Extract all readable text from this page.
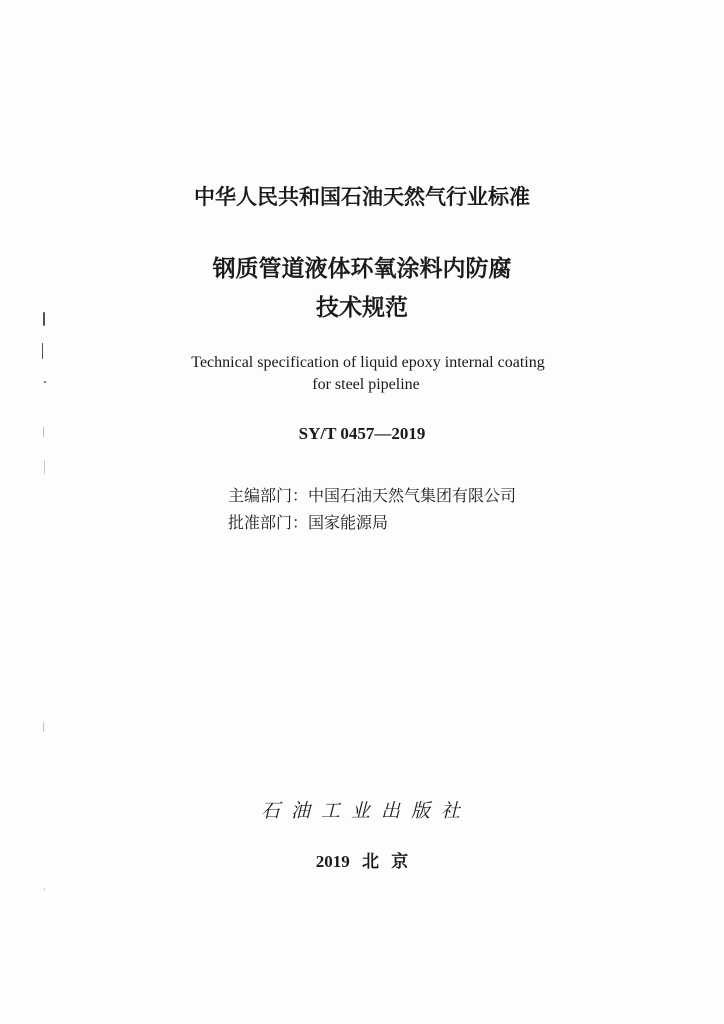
中华人民共和国石油天然气行业标准

钢质管道液体环氧涂料内防腐

技术规范

Technical specification of liquid epoxy internal coating

for steel pipeline

SY/T 0457—2019

主编部门：中国石油天然气集团有限公司

批准部门：国家能源局

石油工业出版社

2019 北 京
